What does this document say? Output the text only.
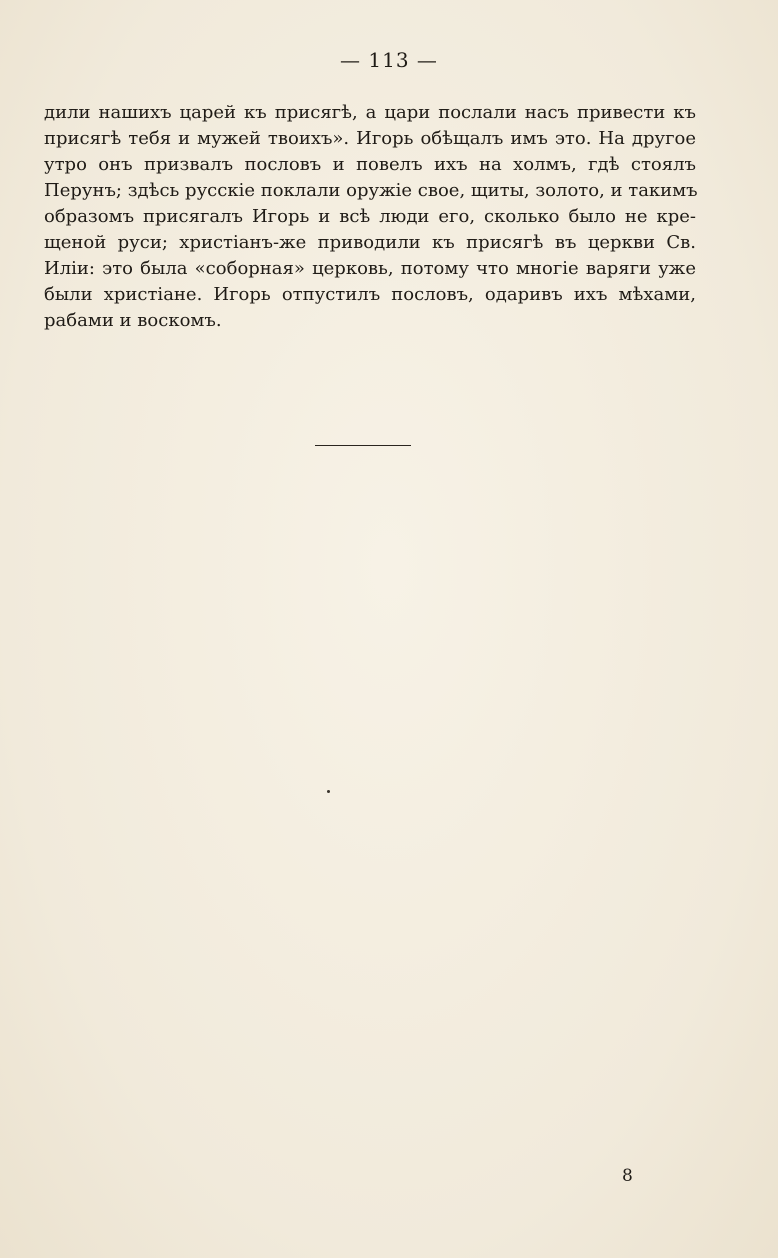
— 113 —
дили нашихъ царей къ присягѣ, а цари послали насъ привести къ
присягѣ тебя и мужей твоихъ». Игорь обѣщалъ имъ это. На другое
утро онъ призвалъ пословъ и повелъ ихъ на холмъ, гдѣ стоялъ
Перунъ; здѣсь русскіе поклали оружіе свое, щиты, золото, и такимъ
образомъ присягалъ Игорь и всѣ люди его, сколько было не кре-
щеной руси; христіанъ-же приводили къ присягѣ въ церкви Св.
Иліи: это была «соборная» церковь, потому что многіе варяги уже
были христіане. Игорь отпустилъ пословъ, одаривъ ихъ мѣхами,
рабами и воскомъ.
8
